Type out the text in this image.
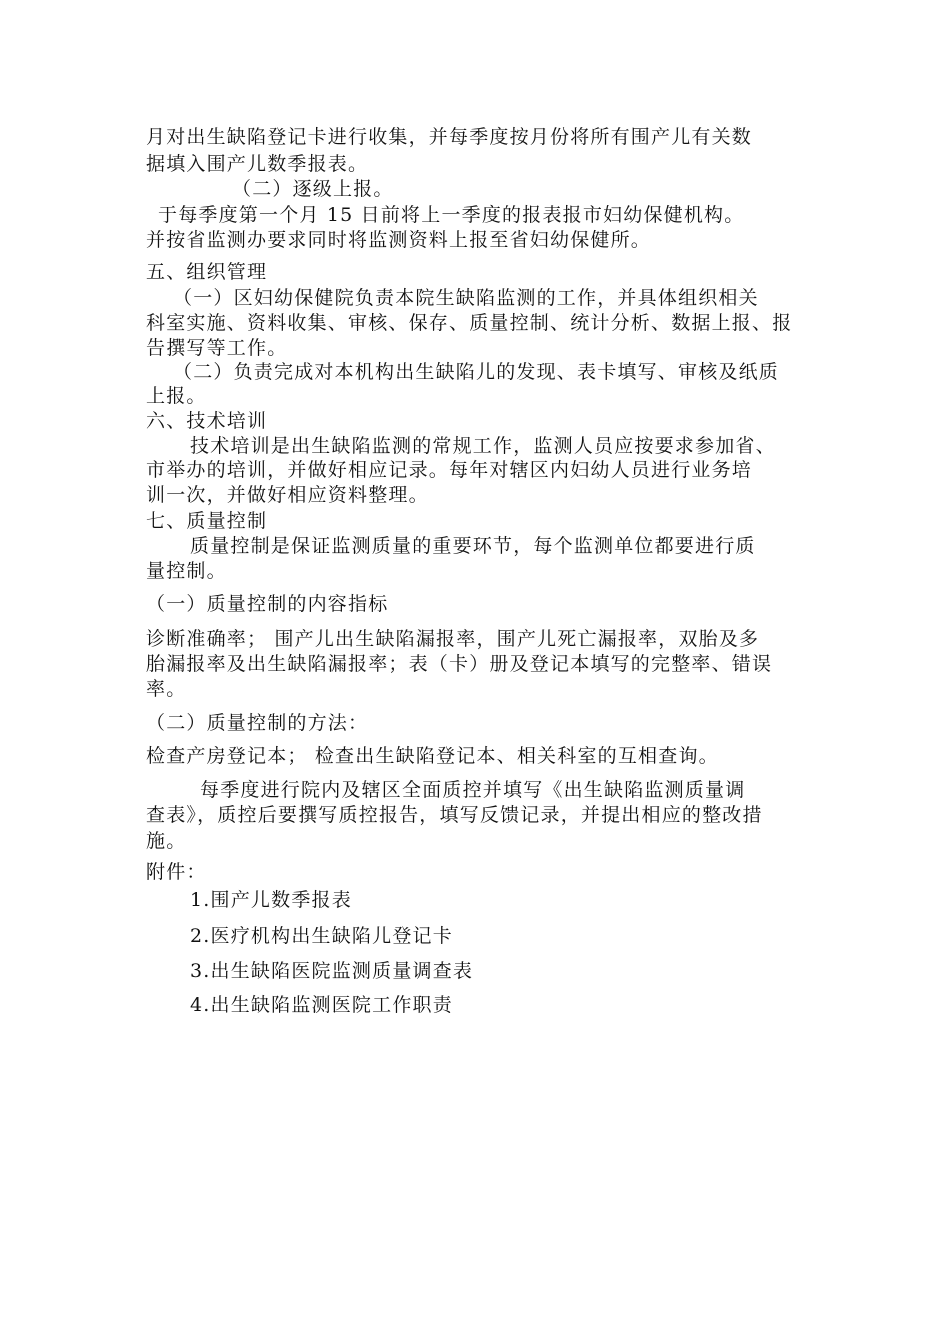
月对出生缺陷登记卡进行收集，并每季度按月份将所有围产儿有关数
据填入围产儿数季报表。
（二）逐级上报。
于每季度第一个月 15 日前将上一季度的报表报市妇幼保健机构。
并按省监测办要求同时将监测资料上报至省妇幼保健所。
五、组织管理
（一）区妇幼保健院负责本院生缺陷监测的工作，并具体组织相关
科室实施、资料收集、审核、保存、质量控制、统计分析、数据上报、报
告撰写等工作。
（二）负责完成对本机构出生缺陷儿的发现、表卡填写、审核及纸质
上报。
六、技术培训
技术培训是出生缺陷监测的常规工作，监测人员应按要求参加省、
市举办的培训，并做好相应记录。每年对辖区内妇幼人员进行业务培
训一次，并做好相应资料整理。
七、质量控制
质量控制是保证监测质量的重要环节，每个监测单位都要进行质
量控制。
（一）质量控制的内容指标
诊断准确率； 围产儿出生缺陷漏报率，围产儿死亡漏报率，双胎及多
胎漏报率及出生缺陷漏报率；表（卡）册及登记本填写的完整率、错误
率。
（二）质量控制的方法：
检查产房登记本； 检查出生缺陷登记本、相关科室的互相查询。
每季度进行院内及辖区全面质控并填写《出生缺陷监测质量调
查表》，质控后要撰写质控报告，填写反馈记录，并提出相应的整改措
施。
附件：
1.围产儿数季报表
2.医疗机构出生缺陷儿登记卡
3.出生缺陷医院监测质量调查表
4.出生缺陷监测医院工作职责
